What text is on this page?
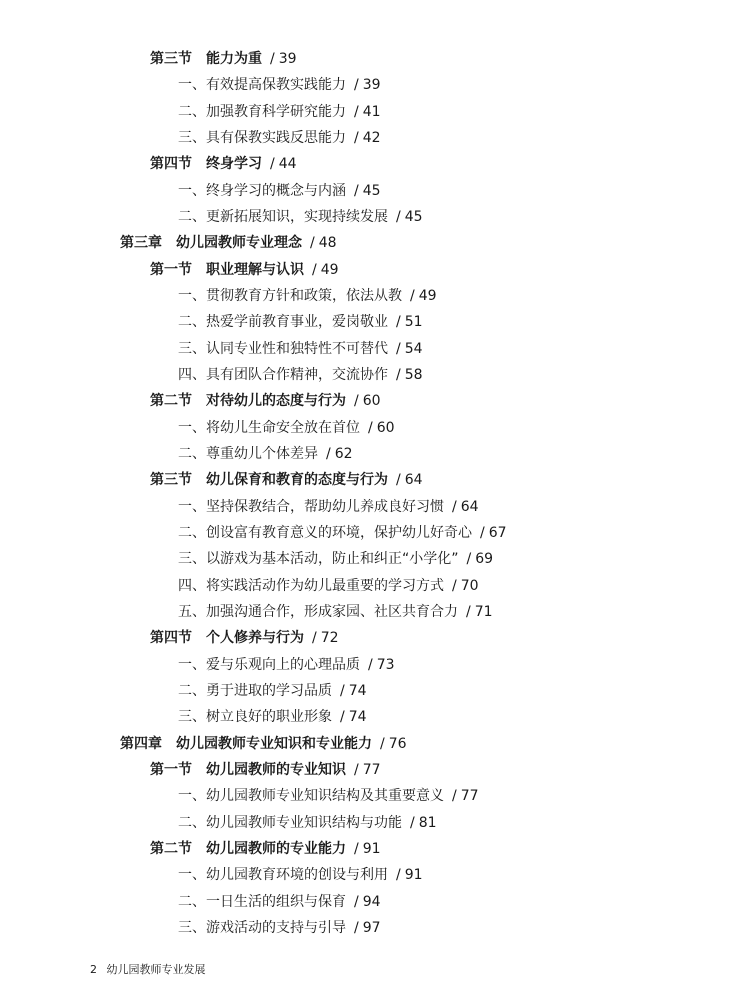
第三节 能力为重 / 39
一、有效提高保教实践能力 / 39
二、加强教育科学研究能力 / 41
三、具有保教实践反思能力 / 42
第四节 终身学习 / 44
一、终身学习的概念与内涵 / 45
二、更新拓展知识，实现持续发展 / 45
第三章 幼儿园教师专业理念 / 48
第一节 职业理解与认识 / 49
一、贯彻教育方针和政策，依法从教 / 49
二、热爱学前教育事业，爱岗敬业 / 51
三、认同专业性和独特性不可替代 / 54
四、具有团队合作精神，交流协作 / 58
第二节 对待幼儿的态度与行为 / 60
一、将幼儿生命安全放在首位 / 60
二、尊重幼儿个体差异 / 62
第三节 幼儿保育和教育的态度与行为 / 64
一、坚持保教结合，帮助幼儿养成良好习惯 / 64
二、创设富有教育意义的环境，保护幼儿好奇心 / 67
三、以游戏为基本活动，防止和纠正“小学化” / 69
四、将实践活动作为幼儿最重要的学习方式 / 70
五、加强沟通合作，形成家园、社区共育合力 / 71
第四节 个人修养与行为 / 72
一、爱与乐观向上的心理品质 / 73
二、勇于进取的学习品质 / 74
三、树立良好的职业形象 / 74
第四章 幼儿园教师专业知识和专业能力 / 76
第一节 幼儿园教师的专业知识 / 77
一、幼儿园教师专业知识结构及其重要意义 / 77
二、幼儿园教师专业知识结构与功能 / 81
第二节 幼儿园教师的专业能力 / 91
一、幼儿园教育环境的创设与利用 / 91
二、一日生活的组织与保育 / 94
三、游戏活动的支持与引导 / 97
2 幼儿园教师专业发展
